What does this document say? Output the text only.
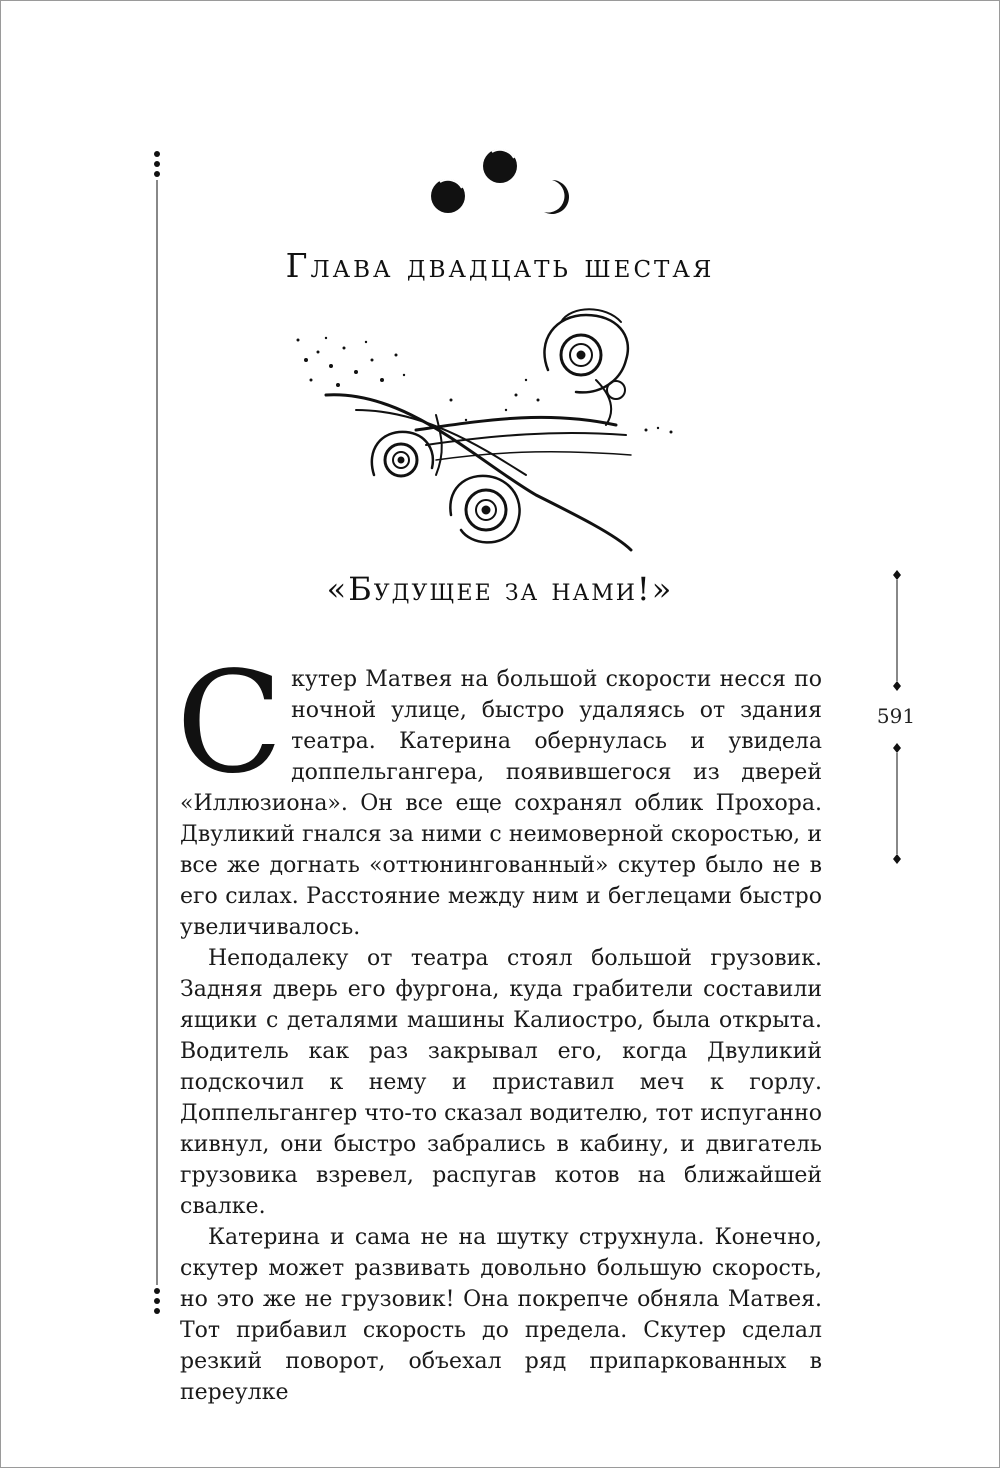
Глава двадцать шестая
«Будущее за нами!»
591

Скутер Матвея на большой скорости несся по ночной улице, быстро удаляясь от здания театра. Катерина обернулась и увидела доппельгангера, появившегося из дверей «Иллюзиона». Он все еще сохранял облик Прохора. Двуликий гнался за ними с неимоверной скоростью, и все же догнать «оттюнингованный» скутер было не в его силах. Расстояние между ним и беглецами быстро увеличивалось.

Неподалеку от театра стоял большой грузовик. Задняя дверь его фургона, куда грабители составили ящики с деталями машины Калиостро, была открыта. Водитель как раз закрывал его, когда Двуликий подскочил к нему и приставил меч к горлу. Доппельгангер что-то сказал водителю, тот испуганно кивнул, они быстро забрались в кабину, и двигатель грузовика взревел, распугав котов на ближайшей свалке.

Катерина и сама не на шутку струхнула. Конечно, скутер может развивать довольно большую скорость, но это же не грузовик! Она покрепче обняла Матвея. Тот прибавил скорость до предела. Скутер сделал резкий поворот, объехал ряд припаркованных в переулке
